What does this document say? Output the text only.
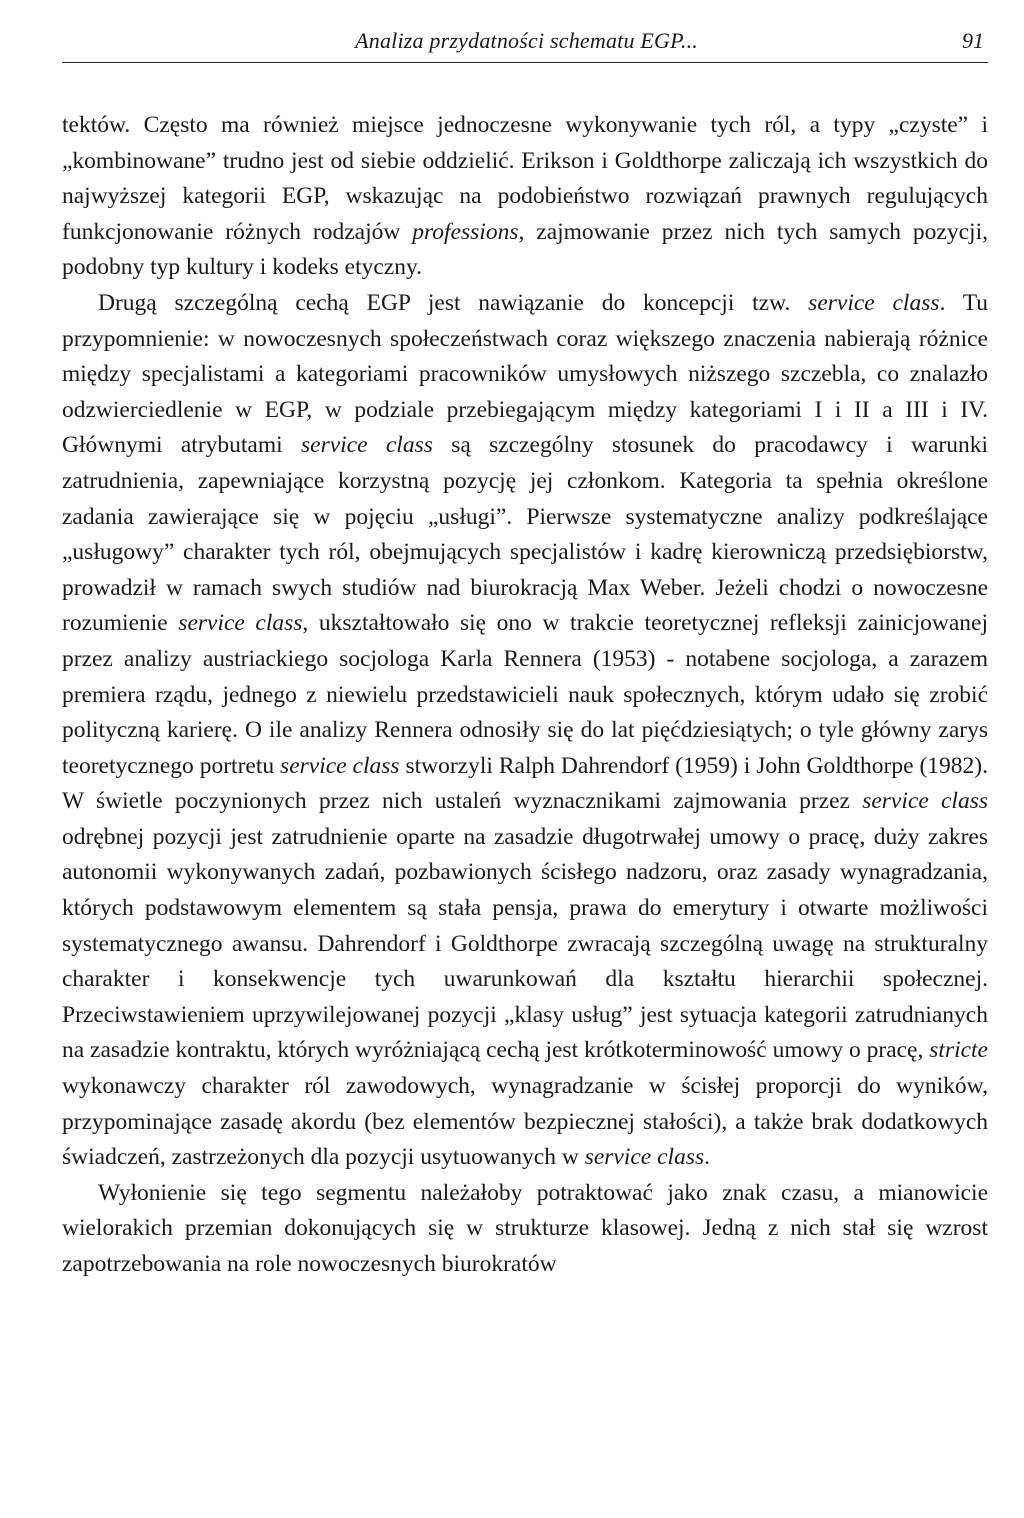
Analiza przydatności schematu EGP...	91

tektów. Często ma również miejsce jednoczesne wykonywanie tych ról, a typy „czyste” i „kombinowane” trudno jest od siebie oddzielić. Erikson i Goldthorpe zaliczają ich wszystkich do najwyższej kategorii EGP, wskazując na podobieństwo rozwiązań prawnych regulujących funkcjonowanie różnych rodzajów professions, zajmowanie przez nich tych samych pozycji, podobny typ kultury i kodeks etyczny.

Drugą szczególną cechą EGP jest nawiązanie do koncepcji tzw. service class. Tu przypomnienie: w nowoczesnych społeczeństwach coraz większego znaczenia nabierają różnice między specjalistami a kategoriami pracowników umysłowych niższego szczebla, co znalazło odzwierciedlenie w EGP, w podziale przebiegającym między kategoriami I i II a III i IV. Głównymi atrybutami service class są szczególny stosunek do pracodawcy i warunki zatrudnienia, zapewniające korzystną pozycję jej członkom. Kategoria ta spełnia określone zadania zawierające się w pojęciu „usługi”. Pierwsze systematyczne analizy podkreślające „usługowy” charakter tych ról, obejmujących specjalistów i kadrę kierowniczą przedsiębiorstw, prowadził w ramach swych studiów nad biurokracją Max Weber. Jeżeli chodzi o nowoczesne rozumienie service class, ukształtowało się ono w trakcie teoretycznej refleksji zainicjowanej przez analizy austriackiego socjologa Karla Rennera (1953) - notabene socjologa, a zarazem premiera rządu, jednego z niewielu przedstawicieli nauk społecznych, którym udało się zrobić polityczną karierę. O ile analizy Rennera odnosiły się do lat pięćdziesiątych; o tyle główny zarys teoretycznego portretu service class stworzyli Ralph Dahrendorf (1959) i John Goldthorpe (1982). W świetle poczynionych przez nich ustaleń wyznacznikami zajmowania przez service class odrębnej pozycji jest zatrudnienie oparte na zasadzie długotrwałej umowy o pracę, duży zakres autonomii wykonywanych zadań, pozbawionych ścisłego nadzoru, oraz zasady wynagradzania, których podstawowym elementem są stała pensja, prawa do emerytury i otwarte możliwości systematycznego awansu. Dahrendorf i Goldthorpe zwracają szczególną uwagę na strukturalny charakter i konsekwencje tych uwarunkowań dla kształtu hierarchii społecznej. Przeciwstawieniem uprzywilejowanej pozycji „klasy usług” jest sytuacja kategorii zatrudnianych na zasadzie kontraktu, których wyróżniającą cechą jest krótkoterminowość umowy o pracę, stricte wykonawczy charakter ról zawodowych, wynagradzanie w ścisłej proporcji do wyników, przypominające zasadę akordu (bez elementów bezpiecznej stałości), a także brak dodatkowych świadczeń, zastrzeżonych dla pozycji usytuowanych w service class.

Wyłonienie się tego segmentu należałoby potraktować jako znak czasu, a mianowicie wielorakich przemian dokonujących się w strukturze klasowej. Jedną z nich stał się wzrost zapotrzebowania na role nowoczesnych biurokratów
